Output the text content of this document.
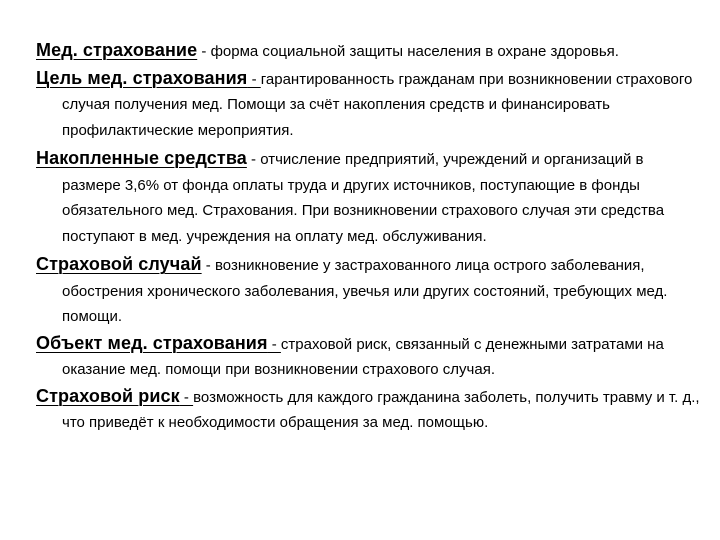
Мед. страхование - форма социальной защиты населения в охране здоровья.

Цель мед. страхования - гарантированность гражданам при возникновении страхового случая получения мед. Помощи за счёт накопления средств и финансировать профилактические мероприятия.

Накопленные средства - отчисление предприятий, учреждений и организаций в размере 3,6% от фонда оплаты труда и других источников, поступающие в фонды обязательного мед. Страхования. При возникновении страхового случая эти средства поступают в мед. учреждения на оплату мед. обслуживания.

Страховой случай - возникновение у застрахованного лица острого заболевания, обострения хронического заболевания, увечья или других состояний, требующих мед. помощи.

Объект мед. страхования - страховой риск, связанный с денежными затратами на оказание мед. помощи при возникновении страхового случая.

Страховой риск - возможность для каждого гражданина заболеть, получить травму и т. д., что приведёт к необходимости обращения за мед. помощью.
